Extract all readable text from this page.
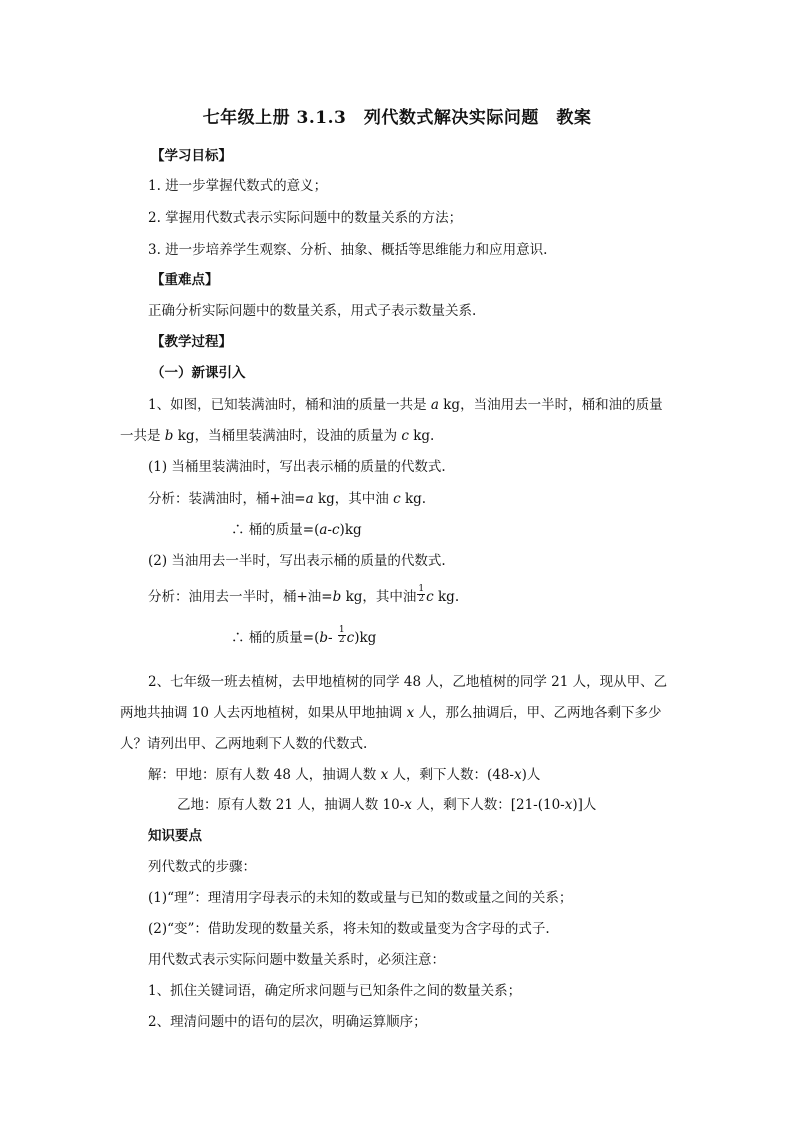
七年级上册 3.1.3　列代数式解决实际问题　教案
【学习目标】
1. 进一步掌握代数式的意义；
2. 掌握用代数式表示实际问题中的数量关系的方法；
3. 进一步培养学生观察、分析、抽象、概括等思维能力和应用意识.
【重难点】
正确分析实际问题中的数量关系，用式子表示数量关系.
【教学过程】
（一）新课引入
1、如图，已知装满油时，桶和油的质量一共是 a kg，当油用去一半时，桶和油的质量
一共是 b kg，当桶里装满油时，设油的质量为 c kg.
(1) 当桶里装满油时，写出表示桶的质量的代数式.
分析：装满油时，桶+油=a kg，其中油 c kg.
∴ 桶的质量=(a-c)kg
(2) 当油用去一半时，写出表示桶的质量的代数式.
分析：油用去一半时，桶+油=b kg，其中油 $\frac{1}{2}$ c kg.
∴ 桶的质量$=(b- \frac{1}{2} c)kg$
2、七年级一班去植树，去甲地植树的同学 48 人，乙地植树的同学 21 人，现从甲、乙
两地共抽调 10 人去丙地植树，如果从甲地抽调 x 人，那么抽调后，甲、乙两地各剩下多少
人？请列出甲、乙两地剩下人数的代数式.
解：甲地：原有人数 48 人，抽调人数 x 人，剩下人数：(48-x)人
乙地：原有人数 21 人，抽调人数 10-x 人，剩下人数：[21-(10-x)]人
知识要点
列代数式的步骤：
(1)“理”：理清用字母表示的未知的数或量与已知的数或量之间的关系；
(2)“变”：借助发现的数量关系，将未知的数或量变为含字母的式子.
用代数式表示实际问题中数量关系时，必须注意：
1、抓住关键词语，确定所求问题与已知条件之间的数量关系；
2、理清问题中的语句的层次，明确运算顺序；
